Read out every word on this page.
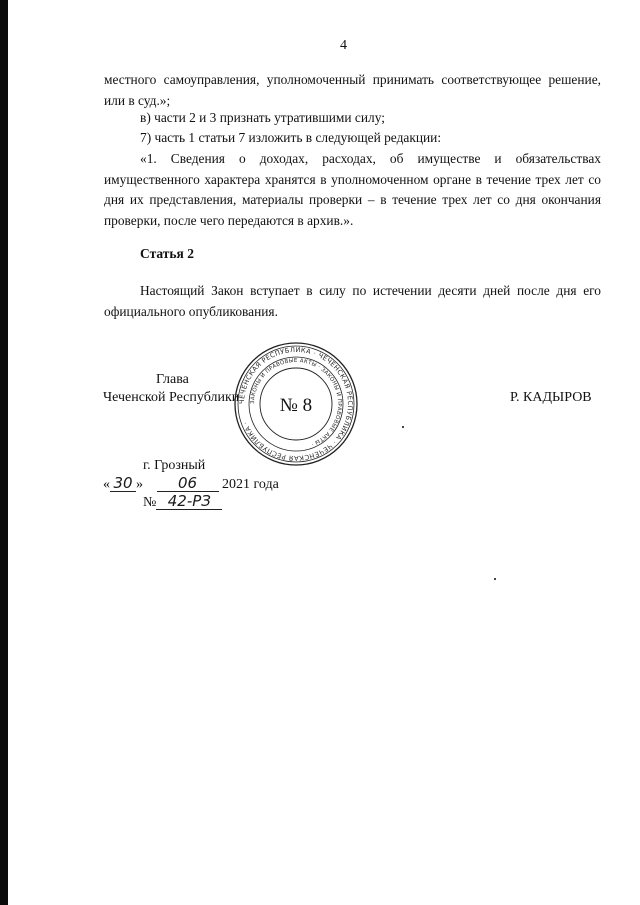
4

местного самоуправления, уполномоченный принимать соответствующее решение, или в суд.»;

в) части 2 и 3 признать утратившими силу;

7) часть 1 статьи 7 изложить в следующей редакции:

«1. Сведения о доходах, расходах, об имуществе и обязательствах имущественного характера хранятся в уполномоченном органе в течение трех лет со дня их представления, материалы проверки – в течение трех лет со дня окончания проверки, после чего передаются в архив.».

Статья 2

Настоящий Закон вступает в силу по истечении десяти дней после дня его официального опубликования.

Глава
Чеченской Республики	Р. КАДЫРОВ
ЧЕЧЕНСКАЯ РЕСПУБЛИКА · ЧЕЧЕНСКАЯ РЕСПУБЛИКА · ЧЕЧЕНСКАЯ РЕСПУБЛИКА ·
ЗАКОНЫ И ПРАВОВЫЕ АКТЫ · ЗАКОНЫ И ПРАВОВЫЕ АКТЫ ·
№ 8
г. Грозный
« 30 » 06 2021 года
№ 42-РЗ
